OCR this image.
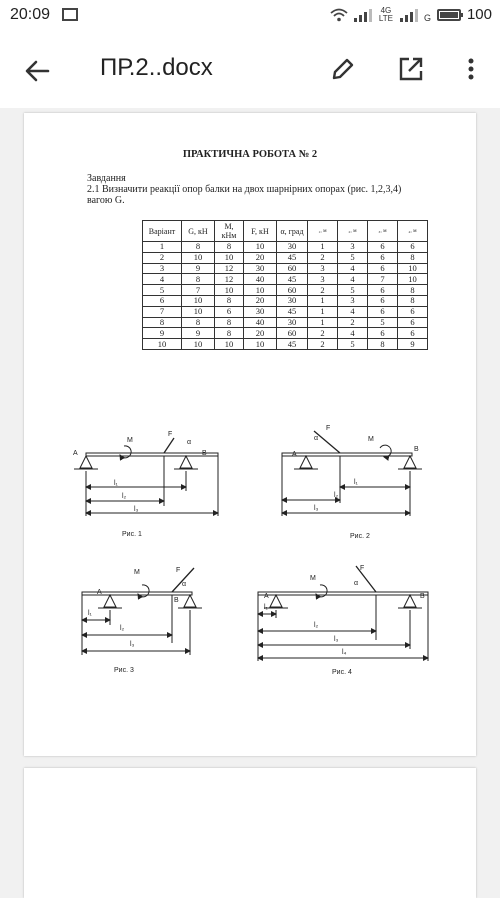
20:09	4G LTE	G 100
ПР.2..docx
ПРАКТИЧНА РОБОТА № 2
Завдання
2.1 Визначити реакції опор балки на двох шарнірних опорах (рис. 1,2,3,4) вагою G.
Варіант	G, кН	M, кНм	F, кН	α, град	₁, м	₂, м	₃, м	₄, м
1	8	8	10	30	1	3	6	6
2	10	10	20	45	2	5	6	8
3	9	12	30	60	3	4	6	10
4	8	12	40	45	3	4	7	10
5	7	10	10	60	2	5	6	8
6	10	8	20	30	1	3	6	8
7	10	6	30	45	1	4	6	6
8	8	8	40	30	1	2	5	6
9	9	8	20	60	2	4	6	6
10	10	10	10	45	2	5	8	9
A	B
M
F
α
l₁
l₂
l₃
Рис. 1
A
B
M
F
α
l₁
l₂
l₃
Рис. 2
A
B
M	F
α
l₁
l₂
l₃
Рис. 3
A	B
M
F
α
l₁
l₂
l₃
l₄
Рис. 4
